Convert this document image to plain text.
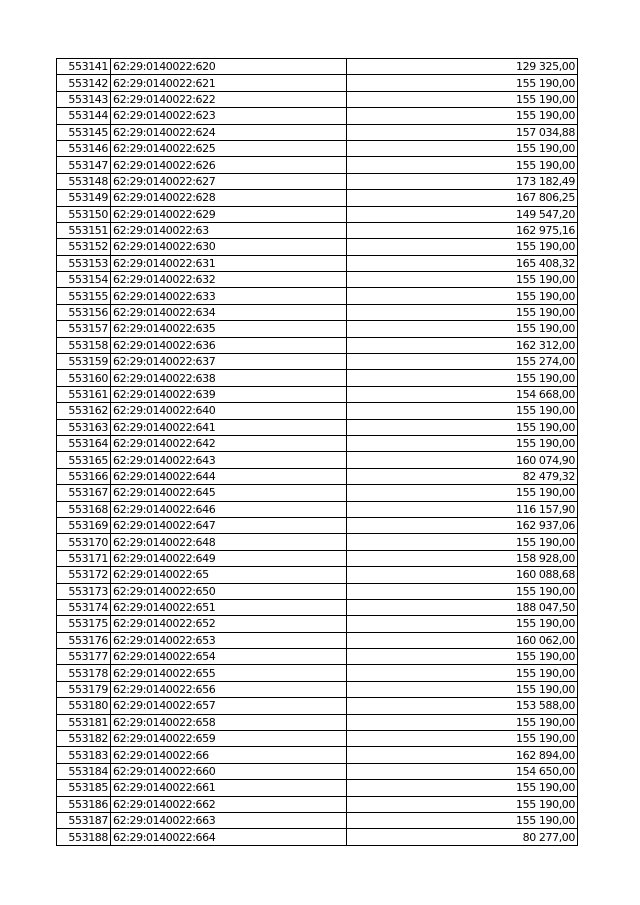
553141	62:29:0140022:620	129 325,00
553142	62:29:0140022:621	155 190,00
553143	62:29:0140022:622	155 190,00
553144	62:29:0140022:623	155 190,00
553145	62:29:0140022:624	157 034,88
553146	62:29:0140022:625	155 190,00
553147	62:29:0140022:626	155 190,00
553148	62:29:0140022:627	173 182,49
553149	62:29:0140022:628	167 806,25
553150	62:29:0140022:629	149 547,20
553151	62:29:0140022:63	162 975,16
553152	62:29:0140022:630	155 190,00
553153	62:29:0140022:631	165 408,32
553154	62:29:0140022:632	155 190,00
553155	62:29:0140022:633	155 190,00
553156	62:29:0140022:634	155 190,00
553157	62:29:0140022:635	155 190,00
553158	62:29:0140022:636	162 312,00
553159	62:29:0140022:637	155 274,00
553160	62:29:0140022:638	155 190,00
553161	62:29:0140022:639	154 668,00
553162	62:29:0140022:640	155 190,00
553163	62:29:0140022:641	155 190,00
553164	62:29:0140022:642	155 190,00
553165	62:29:0140022:643	160 074,90
553166	62:29:0140022:644	82 479,32
553167	62:29:0140022:645	155 190,00
553168	62:29:0140022:646	116 157,90
553169	62:29:0140022:647	162 937,06
553170	62:29:0140022:648	155 190,00
553171	62:29:0140022:649	158 928,00
553172	62:29:0140022:65	160 088,68
553173	62:29:0140022:650	155 190,00
553174	62:29:0140022:651	188 047,50
553175	62:29:0140022:652	155 190,00
553176	62:29:0140022:653	160 062,00
553177	62:29:0140022:654	155 190,00
553178	62:29:0140022:655	155 190,00
553179	62:29:0140022:656	155 190,00
553180	62:29:0140022:657	153 588,00
553181	62:29:0140022:658	155 190,00
553182	62:29:0140022:659	155 190,00
553183	62:29:0140022:66	162 894,00
553184	62:29:0140022:660	154 650,00
553185	62:29:0140022:661	155 190,00
553186	62:29:0140022:662	155 190,00
553187	62:29:0140022:663	155 190,00
553188	62:29:0140022:664	80 277,00
